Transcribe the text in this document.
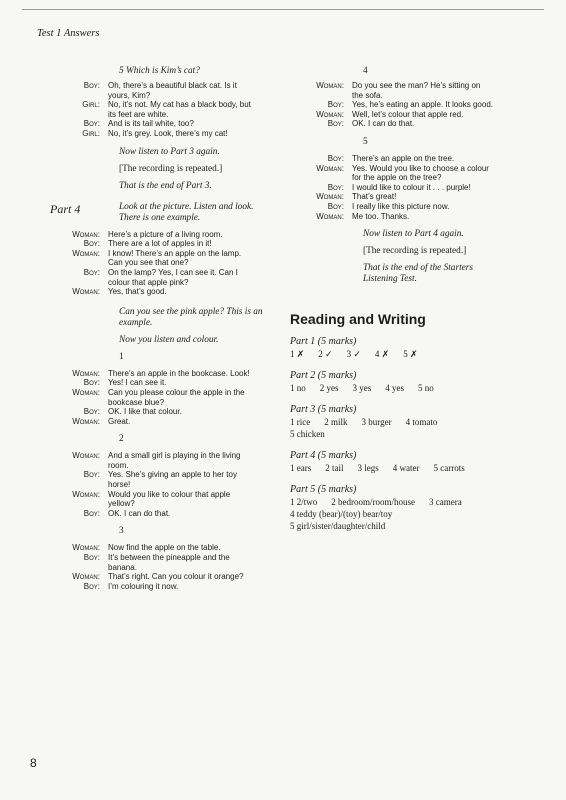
Test 1 Answers
5 Which is Kim’s cat?
Boy:	Oh, there’s a beautiful black cat. Is it
yours, Kim?
Girl:	No, it’s not. My cat has a black body, but
its feet are white.
Boy:	And is its tail white, too?
Girl:	No, it’s grey. Look, there’s my cat!
Now listen to Part 3 again.
[The recording is repeated.]
That is the end of Part 3.
Part 4	Look at the picture. Listen and look.
There is one example.
Woman:	Here’s a picture of a living room.
Boy:	There are a lot of apples in it!
Woman:	I know! There’s an apple on the lamp.
Can you see that one?
Boy:	On the lamp? Yes, I can see it. Can I
colour that apple pink?
Woman:	Yes, that’s good.
Can you see the pink apple? This is an
example.
Now you listen and colour.
1
Woman:	There’s an apple in the bookcase. Look!
Boy:	Yes! I can see it.
Woman:	Can you please colour the apple in the
bookcase blue?
Boy:	OK. I like that colour.
Woman:	Great.
2
Woman:	And a small girl is playing in the living
room.
Boy:	Yes. She’s giving an apple to her toy
horse!
Woman:	Would you like to colour that apple
yellow?
Boy:	OK. I can do that.
3
Woman:	Now find the apple on the table.
Boy:	It’s between the pineapple and the
banana.
Woman:	That’s right. Can you colour it orange?
Boy:	I’m colouring it now.
4
Woman:	Do you see the man? He’s sitting on
the sofa.
Boy:	Yes, he’s eating an apple. It looks good.
Woman:	Well, let’s colour that apple red.
Boy:	OK. I can do that.
5
Boy:	There’s an apple on the tree.
Woman:	Yes. Would you like to choose a colour
for the apple on the tree?
Boy:	I would like to colour it . . . purple!
Woman:	That’s great!
Boy:	I really like this picture now.
Woman:	Me too. Thanks.
Now listen to Part 4 again.
[The recording is repeated.]
That is the end of the Starters
Listening Test.
Reading and Writing
Part 1 (5 marks)
1 ✗ 2 ✓ 3 ✓ 4 ✗ 5 ✗
Part 2 (5 marks)
1 no 2 yes 3 yes 4 yes 5 no
Part 3 (5 marks)
1 rice 2 milk 3 burger 4 tomato
5 chicken
Part 4 (5 marks)
1 ears 2 tail 3 legs 4 water 5 carrots
Part 5 (5 marks)
1 2/two 2 bedroom/room/house 3 camera
4 teddy (bear)/(toy) bear/toy
5 girl/sister/daughter/child
8
